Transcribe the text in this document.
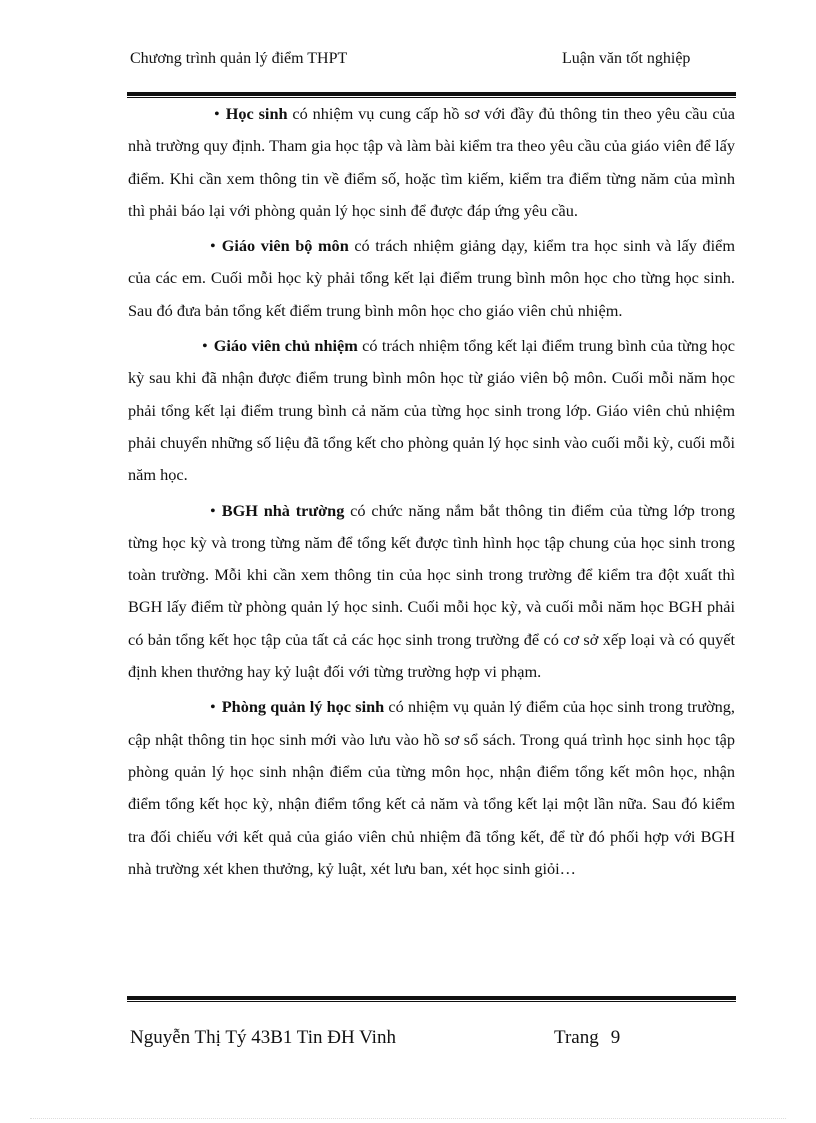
Chương trình quản lý điểm THPT	Luận văn tốt nghiệp

• Học sinh có nhiệm vụ cung cấp hồ sơ với đầy đủ thông tin theo yêu cầu của nhà trường quy định. Tham gia học tập và làm bài kiểm tra theo yêu cầu của giáo viên để lấy điểm. Khi cần xem thông tin về điểm số, hoặc tìm kiếm, kiểm tra điểm từng năm của mình thì phải báo lại với phòng quản lý học sinh để được đáp ứng yêu cầu.

• Giáo viên bộ môn có trách nhiệm giảng dạy, kiểm tra học sinh và lấy điểm của các em. Cuối mỗi học kỳ phải tổng kết lại điểm trung bình môn học cho từng học sinh. Sau đó đưa bản tổng kết điểm trung bình môn học cho giáo viên chủ nhiệm.

• Giáo viên chủ nhiệm có trách nhiệm tổng kết lại điểm trung bình của từng học kỳ sau khi đã nhận được điểm trung bình môn học từ giáo viên bộ môn. Cuối mỗi năm học phải tổng kết lại điểm trung bình cả năm của từng học sinh trong lớp. Giáo viên chủ nhiệm phải chuyển những số liệu đã tổng kết cho phòng quản lý học sinh vào cuối mỗi kỳ, cuối mỗi năm học.

• BGH nhà trường có chức năng nắm bắt thông tin điểm của từng lớp trong từng học kỳ và trong từng năm để tổng kết được tình hình học tập chung của học sinh trong toàn trường. Mỗi khi cần xem thông tin của học sinh trong trường để kiểm tra đột xuất thì BGH lấy điểm từ phòng quản lý học sinh. Cuối mỗi học kỳ, và cuối mỗi năm học BGH phải có bản tổng kết học tập của tất cả các học sinh trong trường để có cơ sở xếp loại và có quyết định khen thưởng hay kỷ luật đối với từng trường hợp vi phạm.

• Phòng quản lý học sinh có nhiệm vụ quản lý điểm của học sinh trong trường, cập nhật thông tin học sinh mới vào lưu vào hồ sơ sổ sách. Trong quá trình học sinh học tập phòng quản lý học sinh nhận điểm của từng môn học, nhận điểm tổng kết môn học, nhận điểm tổng kết học kỳ, nhận điểm tổng kết cả năm và tổng kết lại một lần nữa. Sau đó kiểm tra đối chiếu với kết quả của giáo viên chủ nhiệm đã tổng kết, để từ đó phối hợp với BGH nhà trường xét khen thưởng, kỷ luật, xét lưu ban, xét học sinh giỏi…

Nguyễn Thị Tý 43B1 Tin ĐH Vinh	Trang 9
